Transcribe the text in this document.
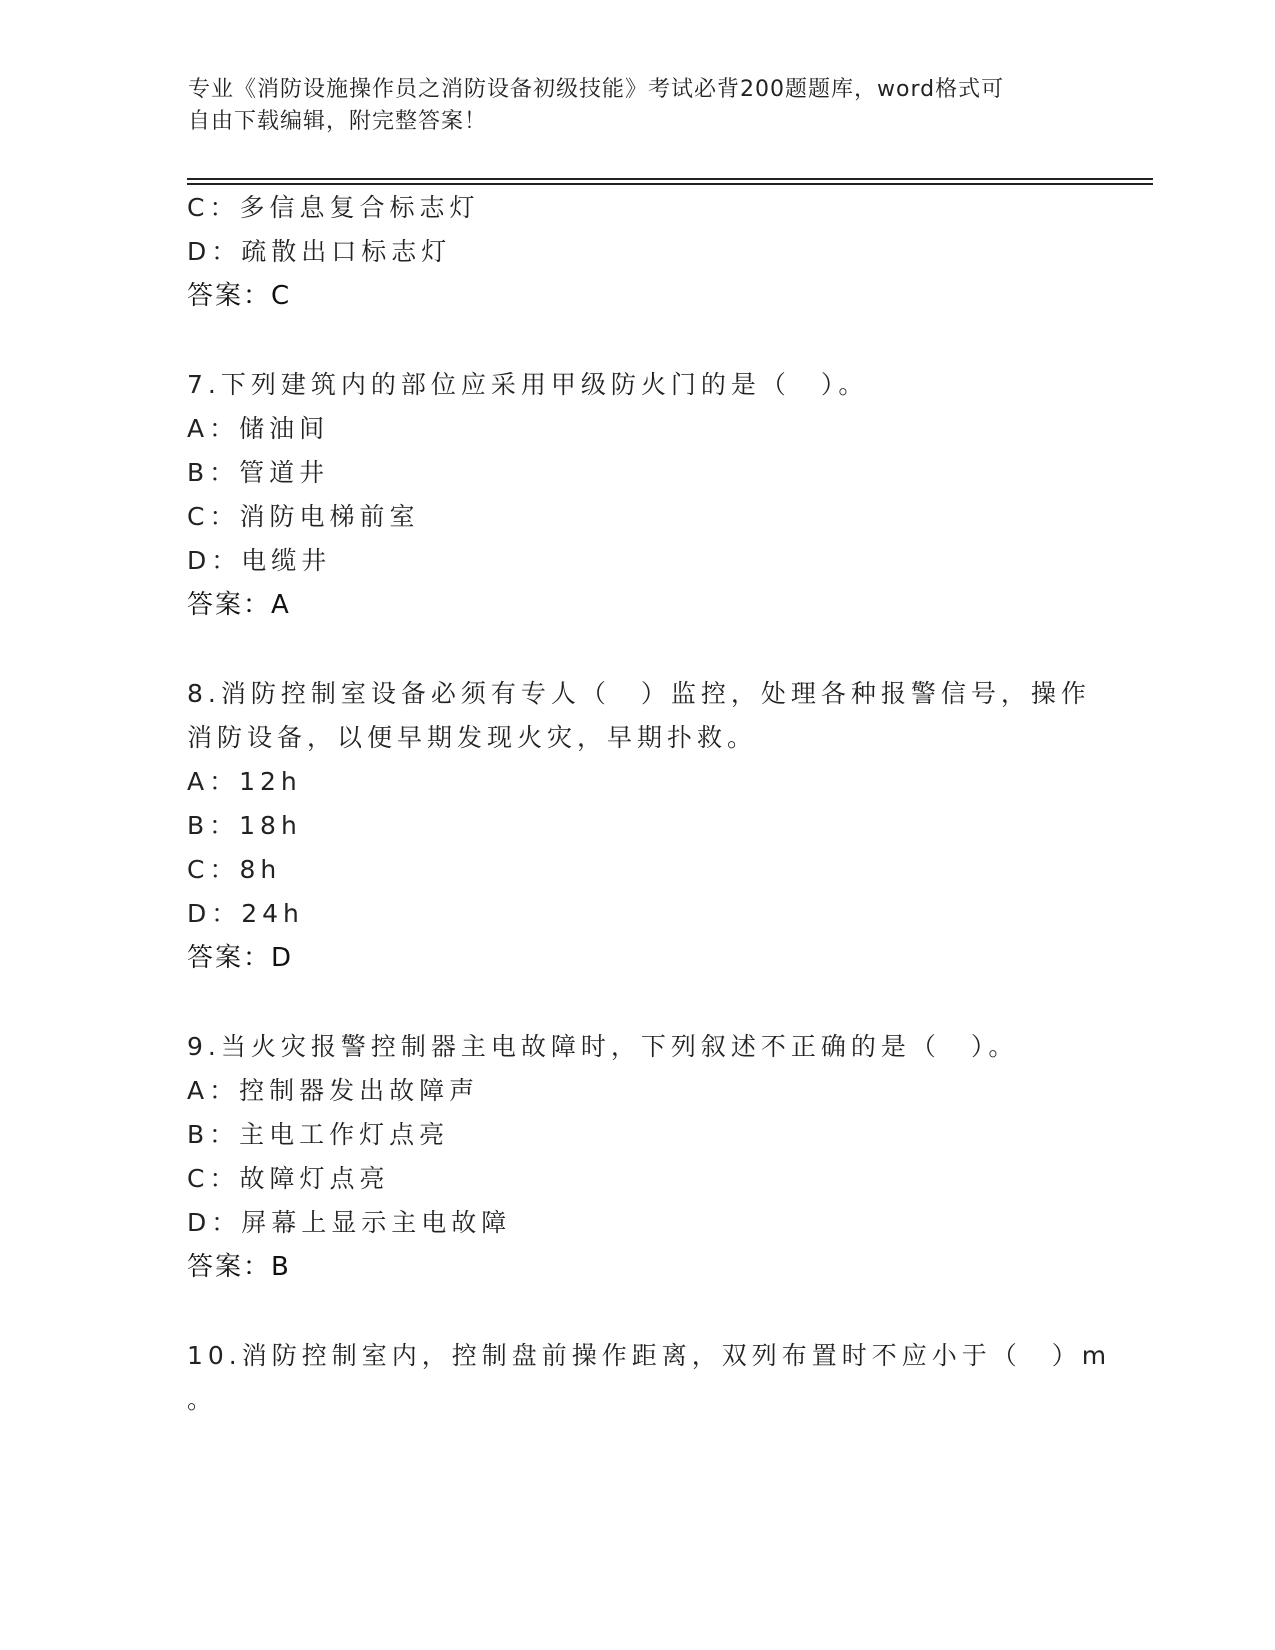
专业《消防设施操作员之消防设备初级技能》考试必背200题题库，word格式可
自由下载编辑，附完整答案！
C：多信息复合标志灯
D：疏散出口标志灯
答案：C
7.下列建筑内的部位应采用甲级防火门的是（　）。
A：储油间
B：管道井
C：消防电梯前室
D：电缆井
答案：A
8.消防控制室设备必须有专人（　）监控，处理各种报警信号，操作
消防设备，以便早期发现火灾，早期扑救。
A：12h
B：18h
C：8h
D：24h
答案：D
9.当火灾报警控制器主电故障时，下列叙述不正确的是（　）。
A：控制器发出故障声
B：主电工作灯点亮
C：故障灯点亮
D：屏幕上显示主电故障
答案：B
10.消防控制室内，控制盘前操作距离，双列布置时不应小于（　）m
。
